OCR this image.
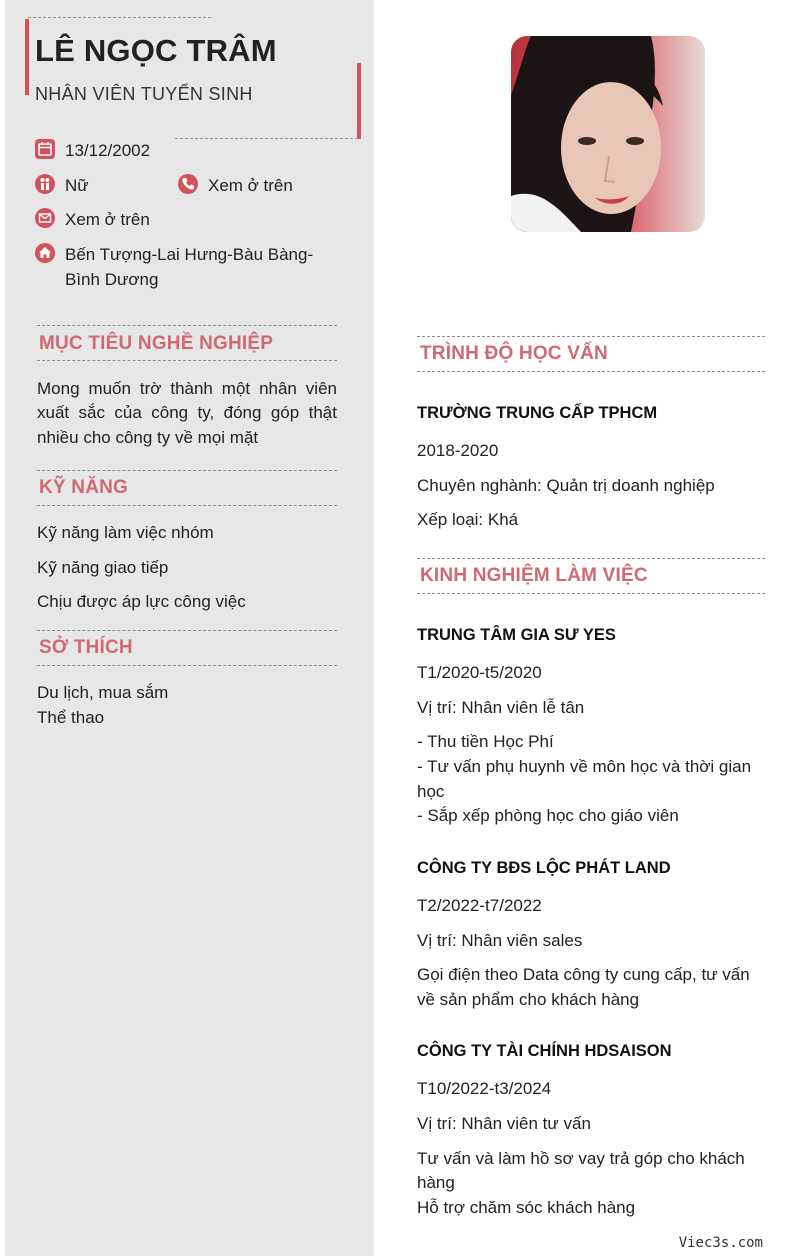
LÊ NGỌC TRÂM
NHÂN VIÊN TUYỂN SINH
13/12/2002
Nữ	Xem ở trên
Xem ở trên
Bến Tượng-Lai Hưng-Bàu Bàng-
Bình Dương
MỤC TIÊU NGHỀ NGHIỆP
Mong muốn trờ thành một nhân viên
xuất sắc của công ty, đóng góp thật
nhiều cho công ty về mọi mặt
KỸ NĂNG
Kỹ năng làm việc nhóm
Kỹ năng giao tiếp
Chịu được áp lực công việc
SỞ THÍCH
Du lịch, mua sắm
Thể thao
TRÌNH ĐỘ HỌC VẤN
TRƯỜNG TRUNG CẤP TPHCM
2018-2020
Chuyên nghành: Quản trị doanh nghiệp
Xếp loại: Khá
KINH NGHIỆM LÀM VIỆC
TRUNG TÂM GIA SƯ YES
T1/2020-t5/2020
Vị trí: Nhân viên lễ tân
- Thu tiền Học Phí
- Tư vấn phụ huynh về môn học và thời gian
học
- Sắp xếp phòng học cho giáo viên
CÔNG TY BĐS LỘC PHÁT LAND
T2/2022-t7/2022
Vị trí: Nhân viên sales
Gọi điện theo Data công ty cung cấp, tư vấn
về sản phẩm cho khách hàng
CÔNG TY TÀI CHÍNH HDSAISON
T10/2022-t3/2024
Vị trí: Nhân viên tư vấn
Tư vấn và làm hồ sơ vay trả góp cho khách
hàng
Hỗ trợ chăm sóc khách hàng
Viec3s.com
